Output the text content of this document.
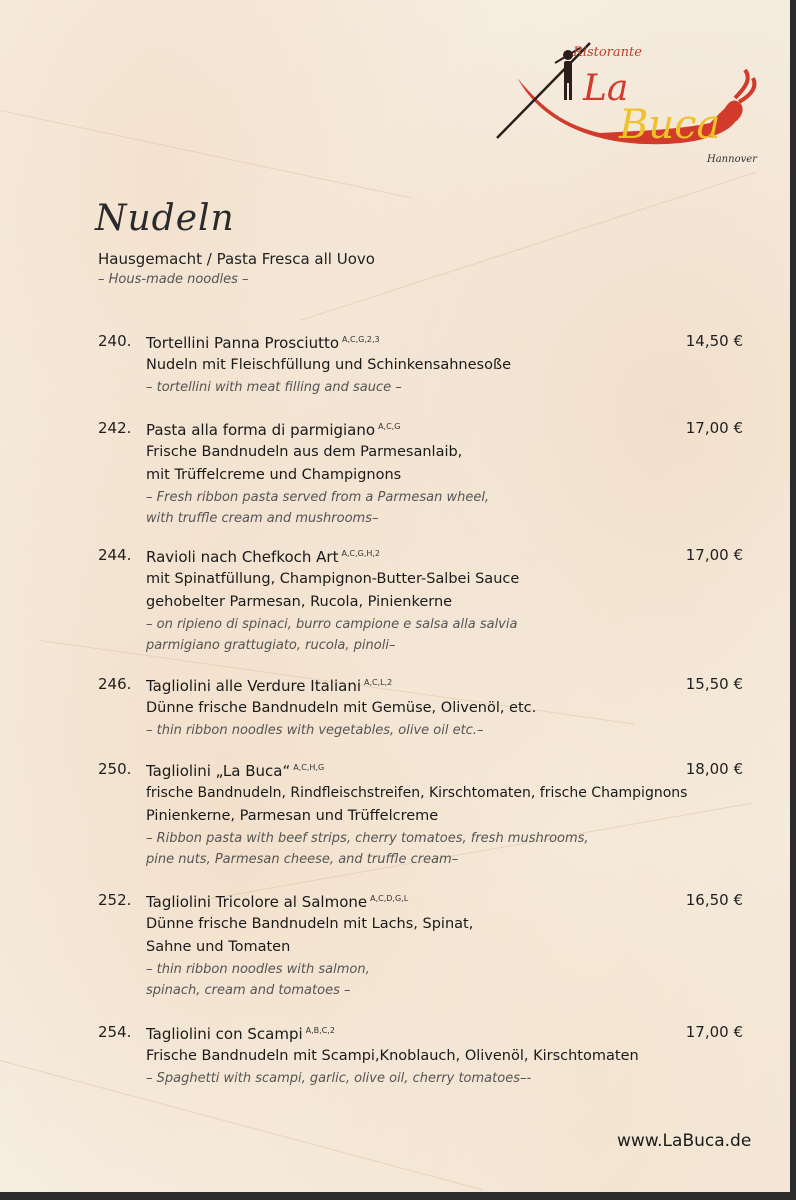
Ristorante
La
Buca
Hannover
Nudeln
Hausgemacht / Pasta Fresca all Uovo
– Hous-made noodles –
240. Tortellini Panna Prosciutto $^{A,C,G,2,3}$
Nudeln mit Fleischfüllung und Schinkensahnesoße
– tortellini with meat filling and sauce –
14,50 €
242. Pasta alla forma di parmigiano $^{A,C,G}$
Frische Bandnudeln aus dem Parmesanlaib,
mit Trüffelcreme und Champignons
– Fresh ribbon pasta served from a Parmesan wheel,
with truffle cream and mushrooms–
17,00 €
244. Ravioli nach Chefkoch Art $^{A,C,G,H,2}$
mit Spinatfüllung, Champignon-Butter-Salbei Sauce
gehobelter Parmesan, Rucola, Pinienkerne
– on ripieno di spinaci, burro campione e salsa alla salvia
parmigiano grattugiato, rucola, pinoli–
17,00 €
246. Tagliolini alle Verdure Italiani $^{A,C,L,2}$
Dünne frische Bandnudeln mit Gemüse, Olivenöl, etc.
– thin ribbon noodles with vegetables, olive oil etc.–
15,50 €
250. Tagliolini „La Buca“ $^{A,C,H,G}$
frische Bandnudeln, Rindfleischstreifen, Kirschtomaten, frische Champignons
Pinienkerne, Parmesan und Trüffelcreme
– Ribbon pasta with beef strips, cherry tomatoes, fresh mushrooms,
pine nuts, Parmesan cheese, and truffle cream–
18,00 €
252. Tagliolini Tricolore al Salmone $^{A,C,D,G,L}$
Dünne frische Bandnudeln mit Lachs, Spinat,
Sahne und Tomaten
– thin ribbon noodles with salmon,
spinach, cream and tomatoes –
16,50 €
254. Tagliolini con Scampi $^{A,B,C,2}$
Frische Bandnudeln mit Scampi,Knoblauch, Olivenöl, Kirschtomaten
– Spaghetti with scampi, garlic, olive oil, cherry tomatoes–-
17,00 €
www.LaBuca.de
